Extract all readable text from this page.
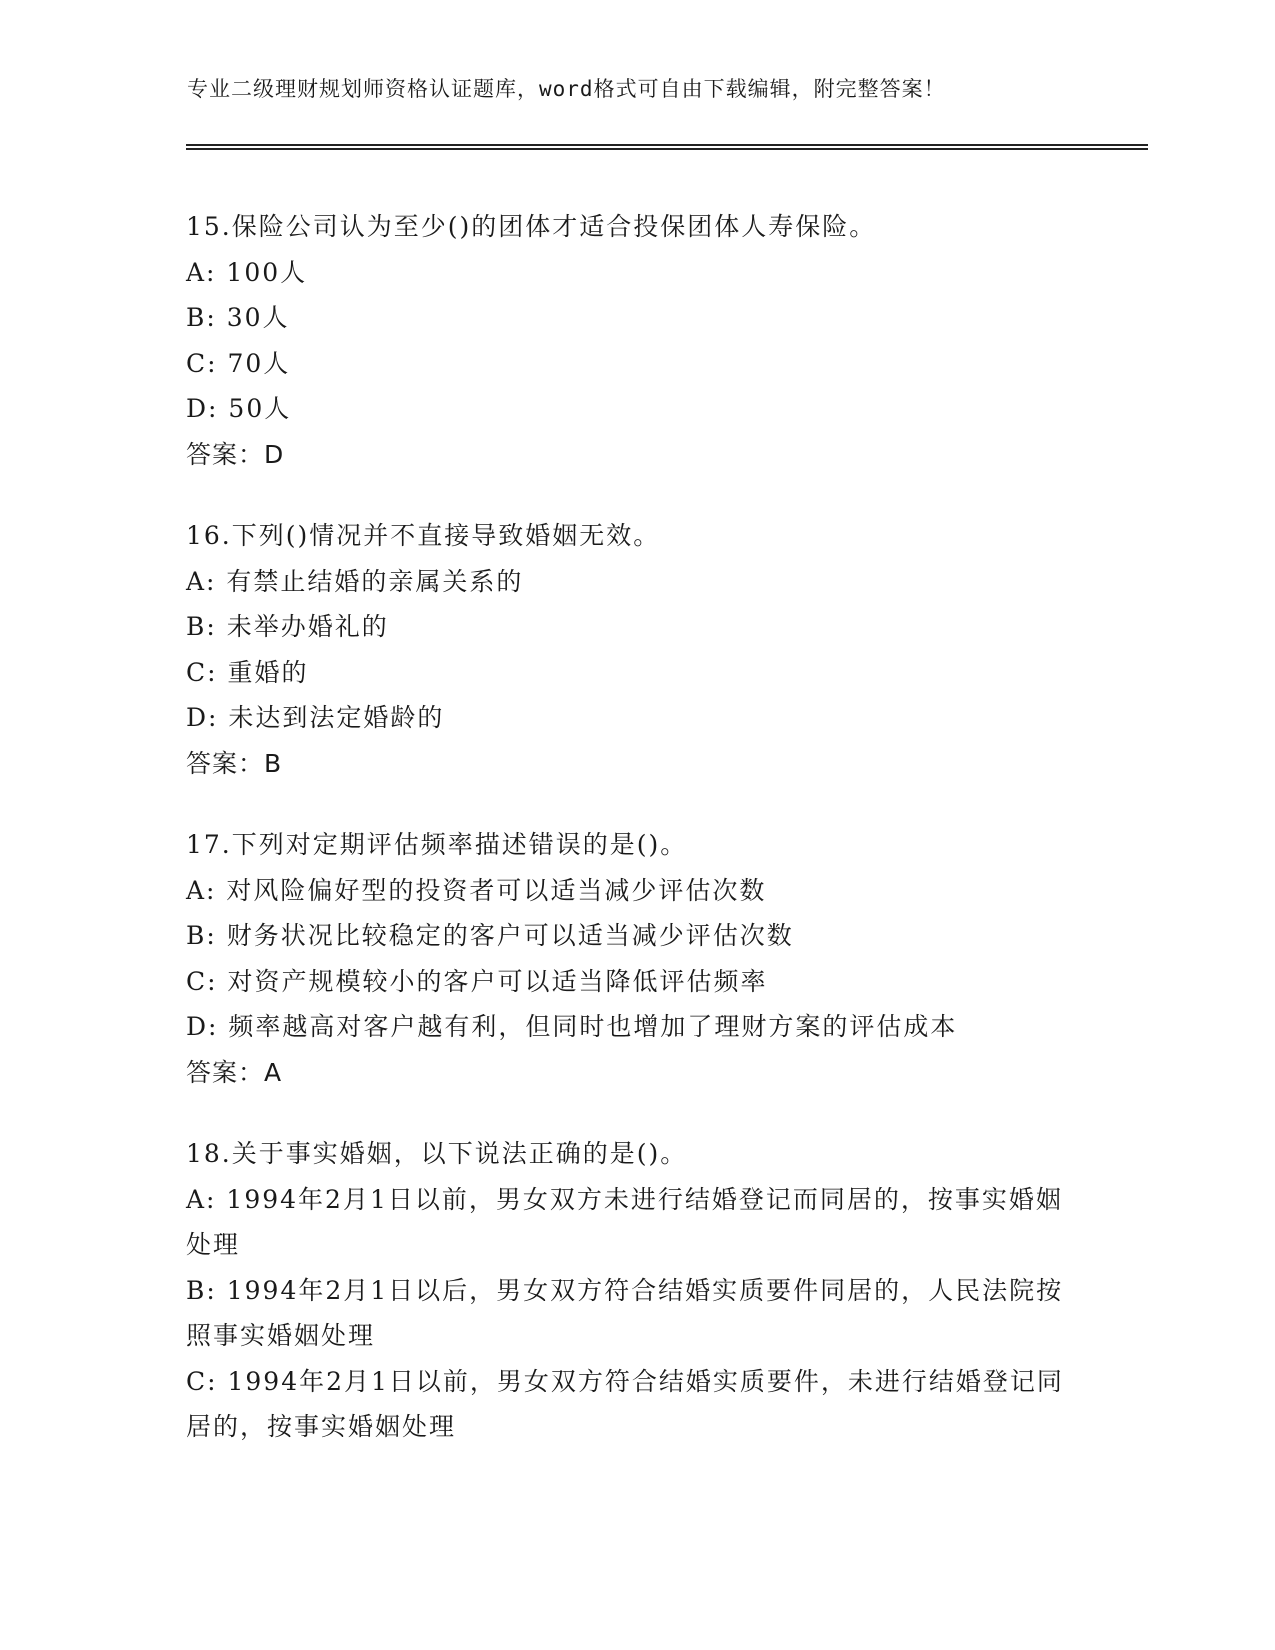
专业二级理财规划师资格认证题库，word格式可自由下载编辑，附完整答案！
15.保险公司认为至少()的团体才适合投保团体人寿保险。
A: 100人
B: 30人
C: 70人
D: 50人
答案：D
16.下列()情况并不直接导致婚姻无效。
A: 有禁止结婚的亲属关系的
B: 未举办婚礼的
C: 重婚的
D: 未达到法定婚龄的
答案：B
17.下列对定期评估频率描述错误的是()。
A: 对风险偏好型的投资者可以适当减少评估次数
B: 财务状况比较稳定的客户可以适当减少评估次数
C: 对资产规模较小的客户可以适当降低评估频率
D: 频率越高对客户越有利，但同时也增加了理财方案的评估成本
答案：A
18.关于事实婚姻，以下说法正确的是()。
A: 1994年2月1日以前，男女双方未进行结婚登记而同居的，按事实婚姻处理
B: 1994年2月1日以后，男女双方符合结婚实质要件同居的，人民法院按照事实婚姻处理
C: 1994年2月1日以前，男女双方符合结婚实质要件，未进行结婚登记同居的，按事实婚姻处理
